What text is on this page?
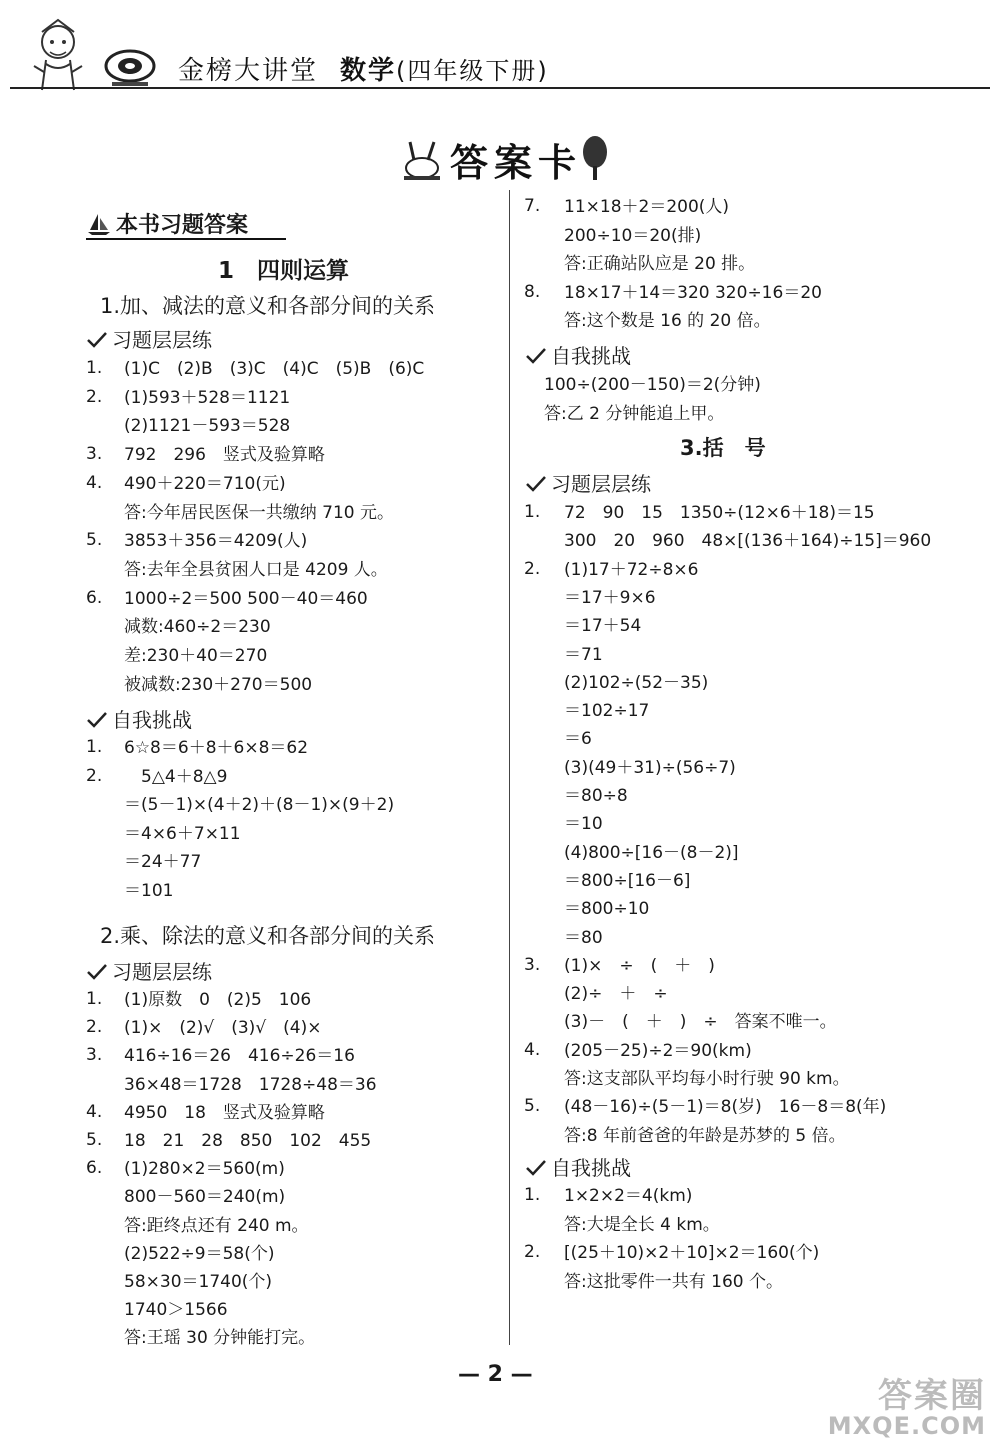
金榜大讲堂 数学(四年级下册)
答案卡
本书习题答案
1　四则运算
1.加、减法的意义和各部分间的关系
习题层层练
1. (1)C　(2)B　(3)C　(4)C　(5)B　(6)C
2. (1)593＋528＝1121
(2)1121－593＝528
3. 792　296　竖式及验算略
4. 490＋220＝710(元)
答:今年居民医保一共缴纳 710 元。
5. 3853＋356＝4209(人)
答:去年全县贫困人口是 4209 人。
6. 1000÷2＝500 500－40＝460
减数:460÷2＝230
差:230＋40＝270
被减数:230＋270＝500
自我挑战
1. 6☆8＝6＋8＋6×8＝62
2. 　5△4＋8△9
＝(5－1)×(4＋2)＋(8－1)×(9＋2)
＝4×6＋7×11
＝24＋77
＝101
2.乘、除法的意义和各部分间的关系
习题层层练
1. (1)原数　0　(2)5　106
2. (1)×　(2)√　(3)√　(4)×
3. 416÷16＝26　416÷26＝16
36×48＝1728　1728÷48＝36
4. 4950　18　竖式及验算略
5. 18　21　28　850　102　455
6. (1)280×2＝560(m)
800－560＝240(m)
答:距终点还有 240 m。
(2)522÷9＝58(个)
58×30＝1740(个)
1740＞1566
答:王瑶 30 分钟能打完。
7. 11×18＋2＝200(人)
200÷10＝20(排)
答:正确站队应是 20 排。
8. 18×17＋14＝320 320÷16＝20
答:这个数是 16 的 20 倍。
自我挑战
100÷(200－150)＝2(分钟)
答:乙 2 分钟能追上甲。
3.括　号
习题层层练
1. 72　90　15　1350÷(12×6＋18)＝15
300　20　960　48×[(136＋164)÷15]＝960
2. (1)17＋72÷8×6
＝17＋9×6
＝17＋54
＝71
(2)102÷(52－35)
＝102÷17
＝6
(3)(49＋31)÷(56÷7)
＝80÷8
＝10
(4)800÷[16－(8－2)]
＝800÷[16－6]
＝800÷10
＝80
3. (1)×　÷　(　＋　)
(2)÷　＋　÷
(3)－　(　＋　)　÷　答案不唯一。
4. (205－25)÷2＝90(km)
答:这支部队平均每小时行驶 90 km。
5. (48－16)÷(5－1)＝8(岁)　16－8＝8(年)
答:8 年前爸爸的年龄是苏梦的 5 倍。
自我挑战
1. 1×2×2＝4(km)
答:大堤全长 4 km。
2. [(25＋10)×2＋10]×2＝160(个)
答:这批零件一共有 160 个。
— 2 —
答案圈
MXQE.COM
